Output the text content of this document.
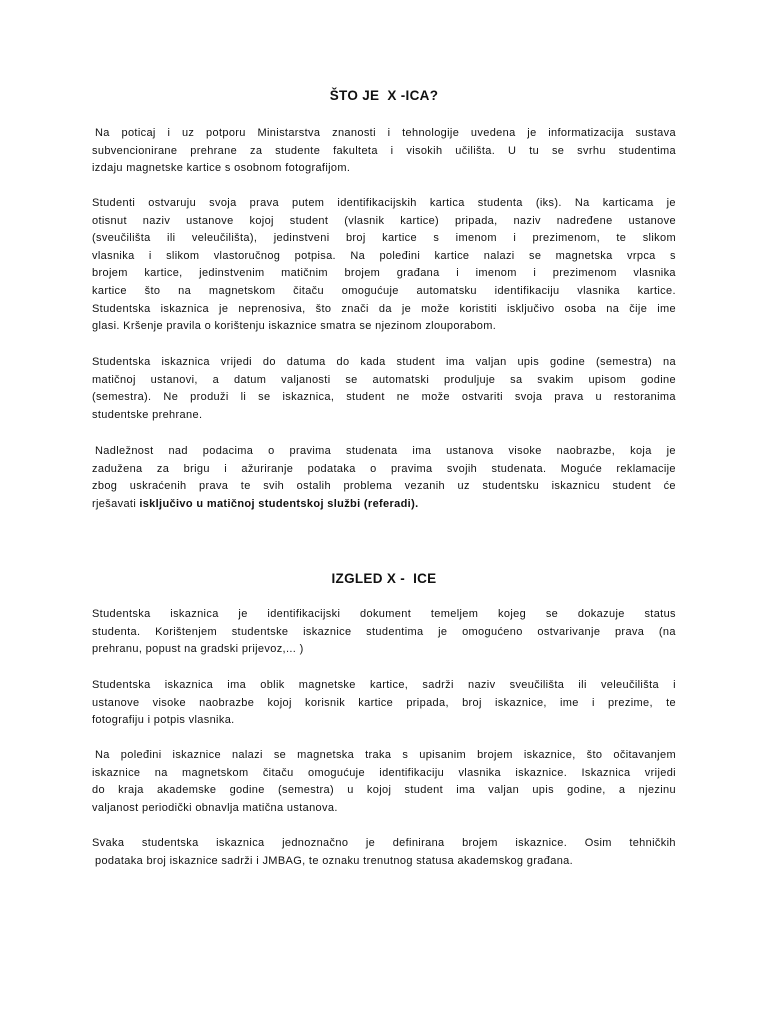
ŠTO JE  X -ICA?
Na poticaj i uz potporu Ministarstva znanosti i tehnologije uvedena je informatizacija sustava
subvencionirane prehrane za studente fakulteta i visokih učilišta. U tu se svrhu studentima
izdaju magnetske kartice s osobnom fotografijom.
Studenti ostvaruju svoja prava putem identifikacijskih kartica studenta (iks). Na karticama je
otisnut naziv ustanove kojoj student (vlasnik kartice) pripada, naziv nadređene ustanove
(sveučilišta ili veleučilišta), jedinstveni broj kartice s imenom i prezimenom, te slikom
vlasnika i slikom vlastoručnog potpisa. Na poleđini kartice nalazi se magnetska vrpca s
brojem kartice, jedinstvenim matičnim brojem građana i imenom i prezimenom vlasnika
kartice što na magnetskom čitaču omogućuje automatsku identifikaciju vlasnika kartice.
Studentska iskaznica je neprenosiva, što znači da je može koristiti isključivo osoba na čije ime
glasi. Kršenje pravila o korištenju iskaznice smatra se njezinom zlouporabom.
Studentska iskaznica vrijedi do datuma do kada student ima valjan upis godine (semestra) na
matičnoj ustanovi, a datum valjanosti se automatski produljuje sa svakim upisom godine
(semestra). Ne produži li se iskaznica, student ne može ostvariti svoja prava u restoranima
studentske prehrane.
Nadležnost nad podacima o pravima studenata ima ustanova visoke naobrazbe, koja je
zadužena za brigu i ažuriranje podataka o pravima svojih studenata. Moguće reklamacije
zbog uskraćenih prava te svih ostalih problema vezanih uz studentsku iskaznicu student će
rješavati isključivo u matičnoj studentskoj službi (referadi).
IZGLED X -  ICE
Studentska iskaznica je identifikacijski dokument temeljem kojeg se dokazuje status
studenta. Korištenjem studentske iskaznice studentima je omogućeno ostvarivanje prava (na
prehranu, popust na gradski prijevoz,... )
Studentska iskaznica ima oblik magnetske kartice, sadrži naziv sveučilišta ili veleučilišta i
ustanove visoke naobrazbe kojoj korisnik kartice pripada, broj iskaznice, ime i prezime, te
fotografiju i potpis vlasnika.
Na poleđini iskaznice nalazi se magnetska traka s upisanim brojem iskaznice, što očitavanjem
iskaznice na magnetskom čitaču omogućuje identifikaciju vlasnika iskaznice. Iskaznica vrijedi
do kraja akademske godine (semestra) u kojoj student ima valjan upis godine, a njezinu
valjanost periodički obnavlja matična ustanova.
Svaka studentska iskaznica jednoznačno je definirana brojem iskaznice. Osim tehničkih
podataka broj iskaznice sadrži i JMBAG, te oznaku trenutnog statusa akademskog građana.
